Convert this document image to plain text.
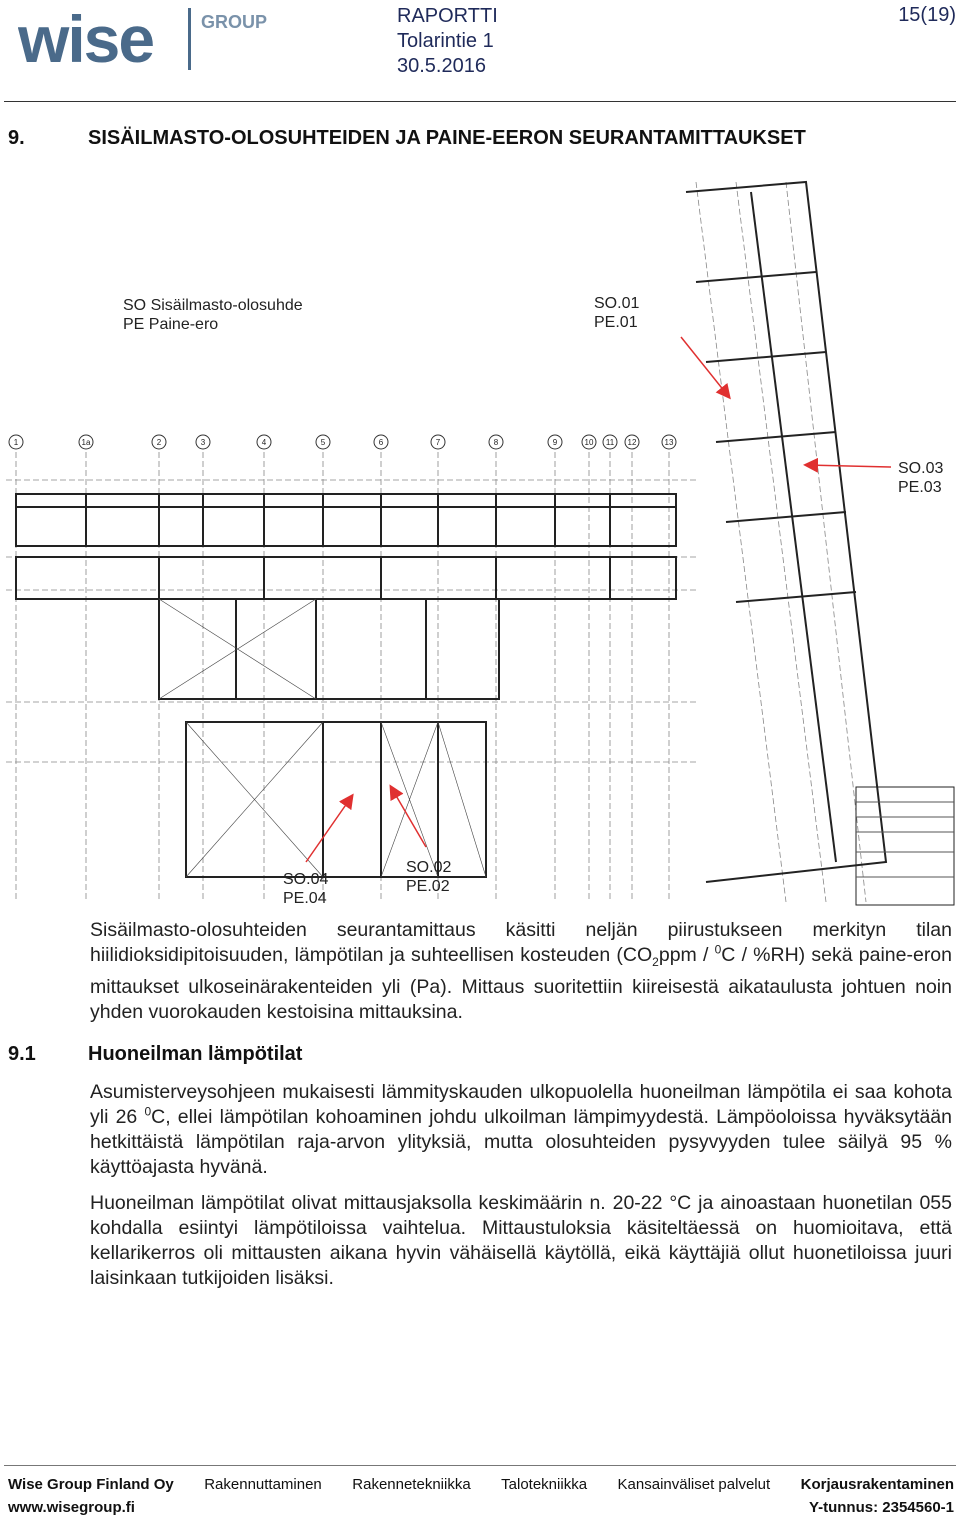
wise	GROUP	RAPORTTI
Tolarintie 1
30.5.2016
15(19)
9.	SISÄILMASTO-OLOSUHTEIDEN JA PAINE-EERON SEURANTAMITTAUKSET
1	1a	2	3	4	5	6	7	8	9	10 11 12	13
SO Sisäilmasto-olosuhde
PE Paine-ero
SO.01
PE.01
SO.02
PE.02
SO.03
PE.03
SO.04
PE.04
Sisäilmasto-olosuhteiden seurantamittaus käsitti neljän piirustukseen merkityn tilan hiilidioksidipitoisuuden, lämpötilan ja suhteellisen kosteuden $(CO_2ppm / ^0C / \%RH)$ sekä paine-eron mittaukset ulkoseinärakenteiden yli (Pa). Mittaus suoritettiin kiireisestä aikataulusta johtuen noin yhden vuorokauden kestoisina mittauksina.
9.1	Huoneilman lämpötilat
Asumisterveysohjeen mukaisesti lämmityskauden ulkopuolella huoneilman lämpötila ei saa kohota yli 26 $^0$C, ellei lämpötilan kohoaminen johdu ulkoilman lämpimyydestä. Lämpöoloissa hyväksytään hetkittäistä lämpötilan raja-arvon ylityksiä, mutta olosuhteiden pysyvyyden tulee säilyä 95 % käyttöajasta hyvänä.
Huoneilman lämpötilat olivat mittausjaksolla keskimäärin n. 20-22 °C ja ainoastaan huonetilan 055 kohdalla esiintyi lämpötiloissa vaihtelua. Mittaustuloksia käsiteltäessä on huomioitava, että kellarikerros oli mittausten aikana hyvin vähäisellä käytöllä, eikä käyttäjiä ollut huonetiloissa juuri laisinkaan tutkijoiden lisäksi.
Wise Group Finland Oy Rakennuttaminen Rakennetekniikka Talotekniikka Kansainväliset palvelut Korjausrakentaminen
www.wisegroup.fi	Y-tunnus: 2354560-1
